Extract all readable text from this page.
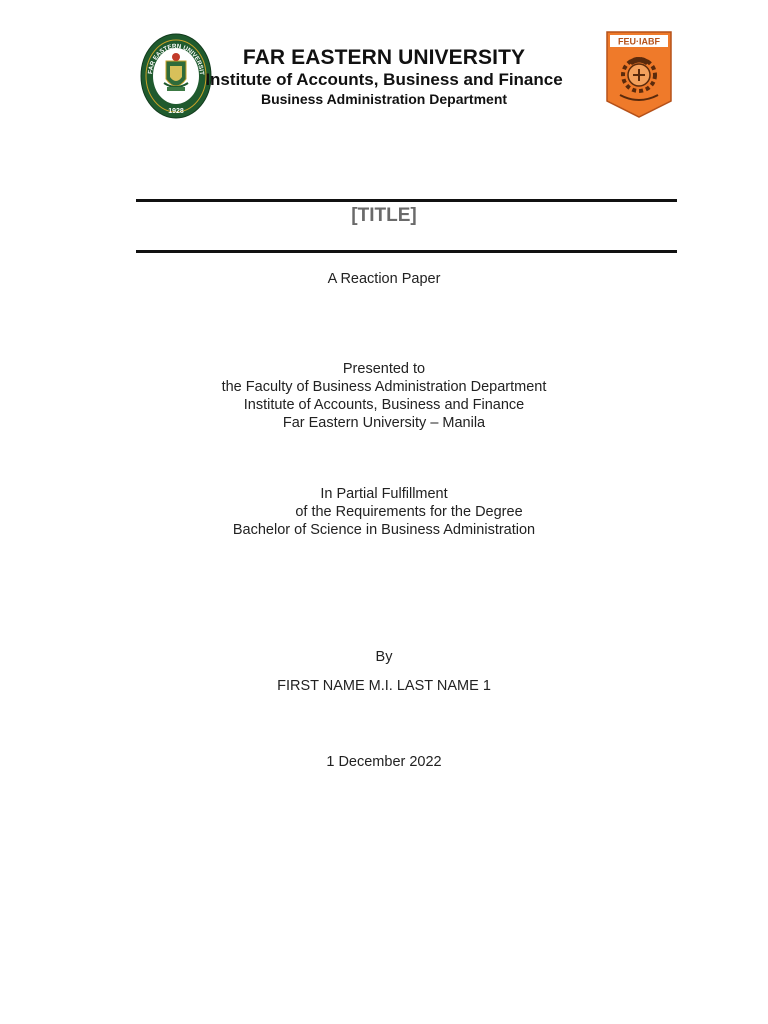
FAR EASTERN UNIVERSIT
1928
FAR EASTERN UNIVERSITY
Institute of Accounts, Business and Finance
Business Administration Department
FEU·IABF
[TITLE]
A Reaction Paper
Presented to
the Faculty of Business Administration Department
Institute of Accounts, Business and Finance
Far Eastern University – Manila
In Partial Fulfillment
of the Requirements for the Degree
Bachelor of Science in Business Administration
By
FIRST NAME M.I. LAST NAME 1
1 December 2022
